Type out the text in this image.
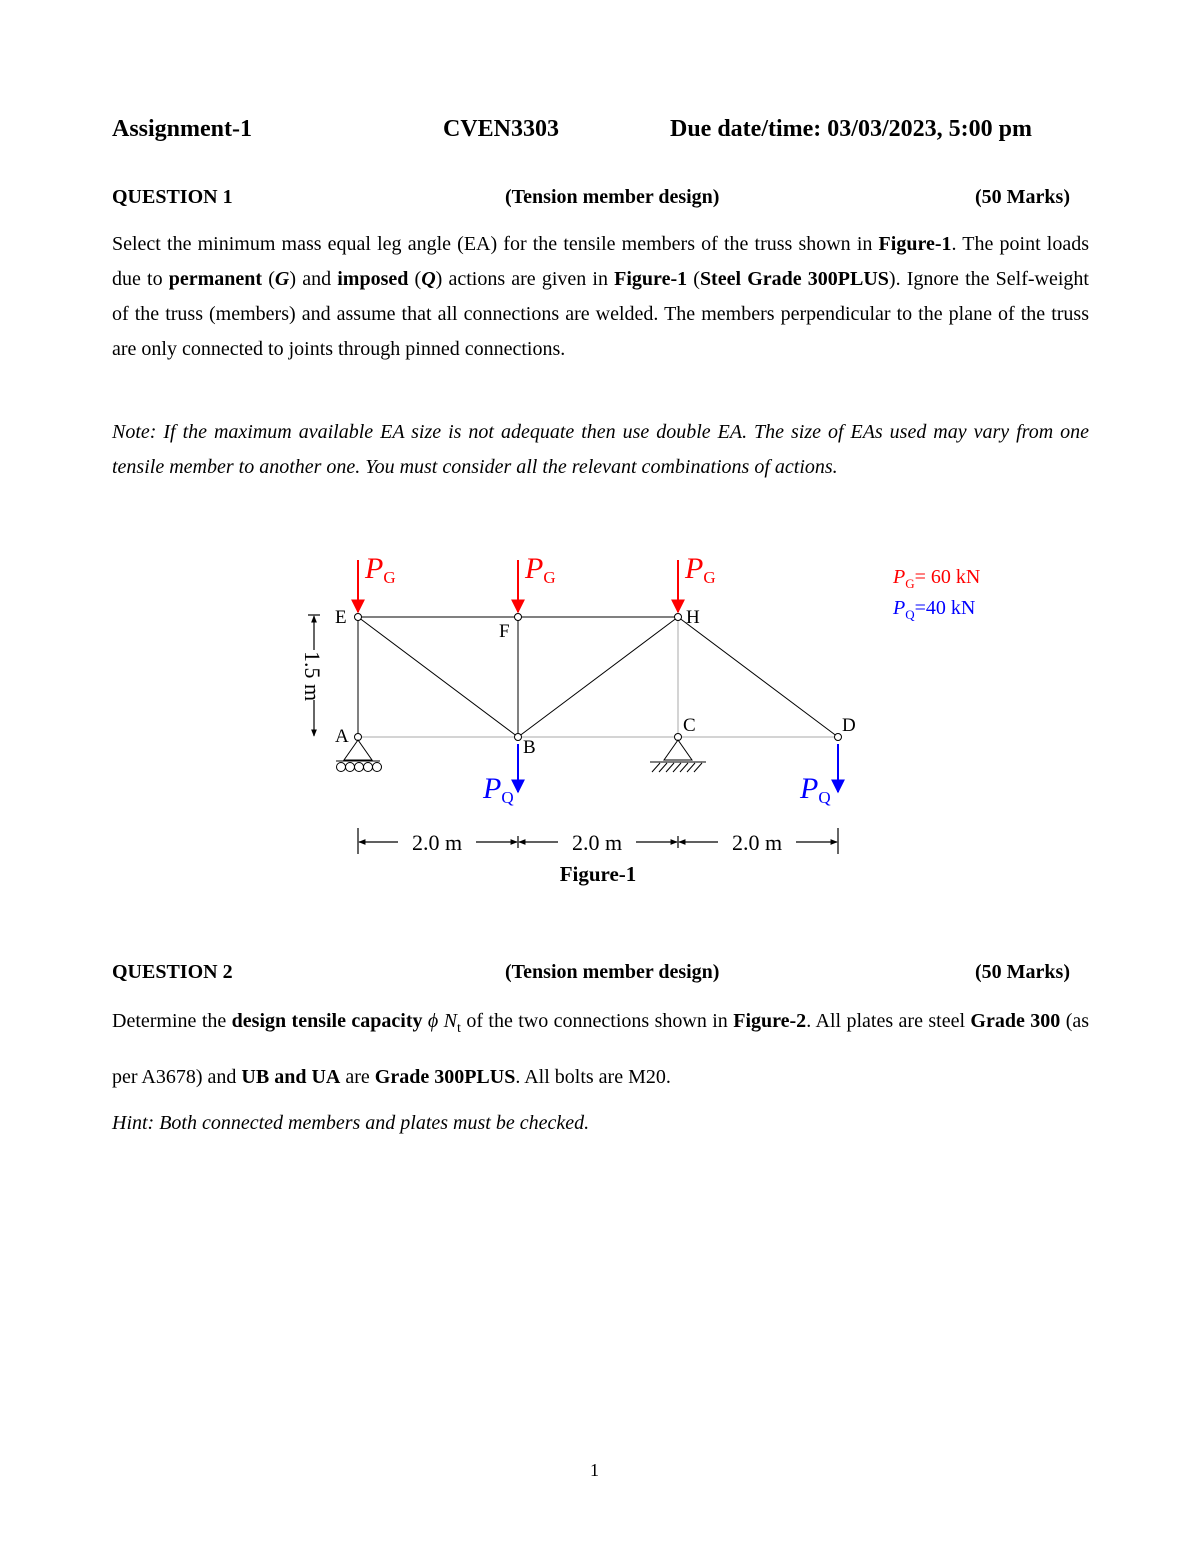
Assignment-1	CVEN3303	Due date/time: 03/03/2023, 5:00 pm
QUESTION 1	(Tension member design)	(50 Marks)

Select the minimum mass equal leg angle (EA) for the tensile members of the truss shown in Figure-1. The point loads due to permanent (G) and imposed (Q) actions are given in Figure-1 (Steel Grade 300PLUS). Ignore the Self-weight of the truss (members) and assume that all connections are welded. The members perpendicular to the plane of the truss are only connected to joints through pinned connections.

Note: If the maximum available EA size is not adequate then use double EA. The size of EAs used may vary from one tensile member to another one. You must consider all the relevant combinations of actions.
PG	PG	PG
PQ	PQ
E
F
H
A
B
C	D
1.5 m
2.0 m	2.0 m	2.0 m
Figure-1
$P_G= 60$ kN
$P_Q=40$ kN
QUESTION 2	(Tension member design)	(50 Marks)

Determine the design tensile capacity ϕ $N_t$ of the two connections shown in Figure-2. All plates are steel Grade 300 (as per A3678) and UB and UA are Grade 300PLUS. All bolts are M20.

Hint: Both connected members and plates must be checked.
1
